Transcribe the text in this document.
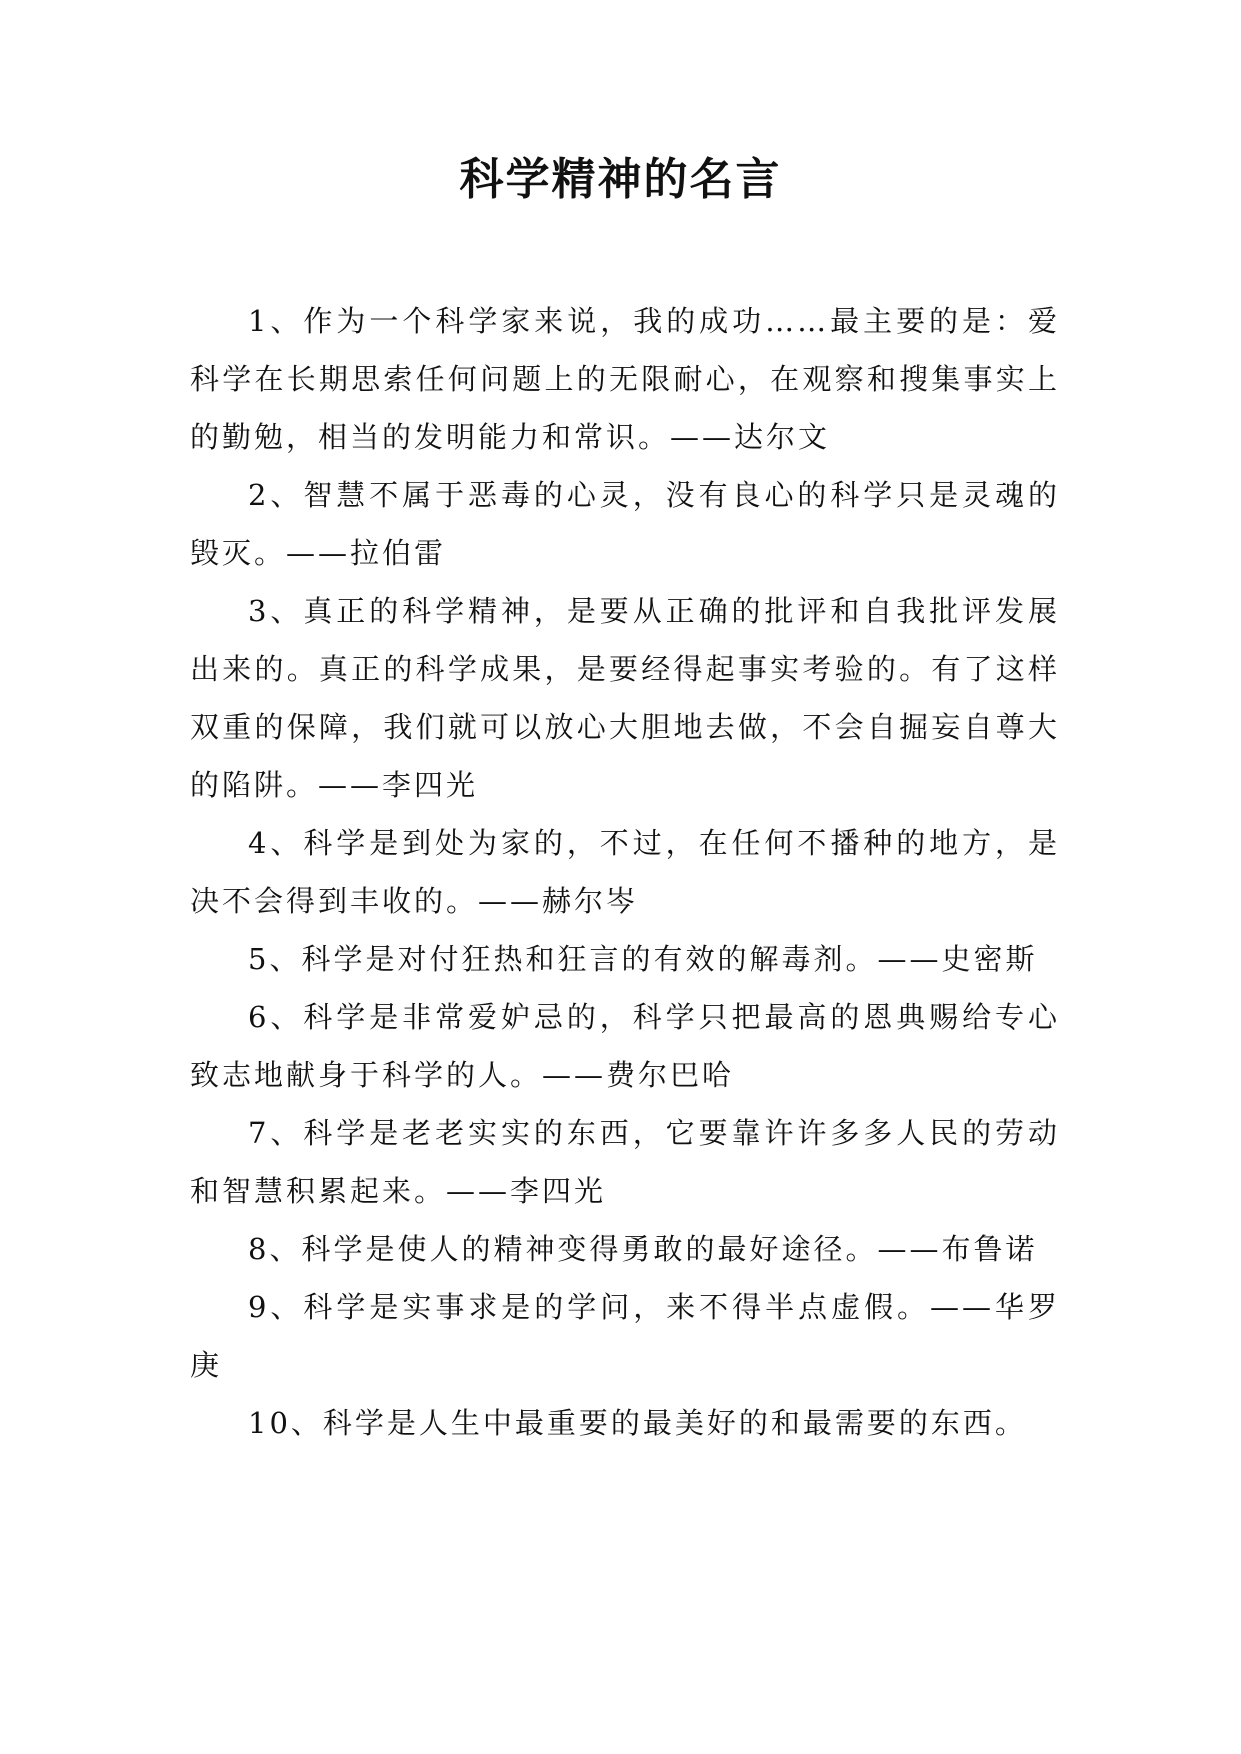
科学精神的名言

1、作为一个科学家来说，我的成功……最主要的是：爱科学在长期思索任何问题上的无限耐心，在观察和搜集事实上的勤勉，相当的发明能力和常识。——达尔文

2、智慧不属于恶毒的心灵，没有良心的科学只是灵魂的毁灭。——拉伯雷

3、真正的科学精神，是要从正确的批评和自我批评发展出来的。真正的科学成果，是要经得起事实考验的。有了这样双重的保障，我们就可以放心大胆地去做，不会自掘妄自尊大的陷阱。——李四光

4、科学是到处为家的，不过，在任何不播种的地方，是决不会得到丰收的。——赫尔岑

5、科学是对付狂热和狂言的有效的解毒剂。——史密斯

6、科学是非常爱妒忌的，科学只把最高的恩典赐给专心致志地献身于科学的人。——费尔巴哈

7、科学是老老实实的东西，它要靠许许多多人民的劳动和智慧积累起来。——李四光

8、科学是使人的精神变得勇敢的最好途径。——布鲁诺

9、科学是实事求是的学问，来不得半点虚假。——华罗庚

10、科学是人生中最重要的最美好的和最需要的东西。
